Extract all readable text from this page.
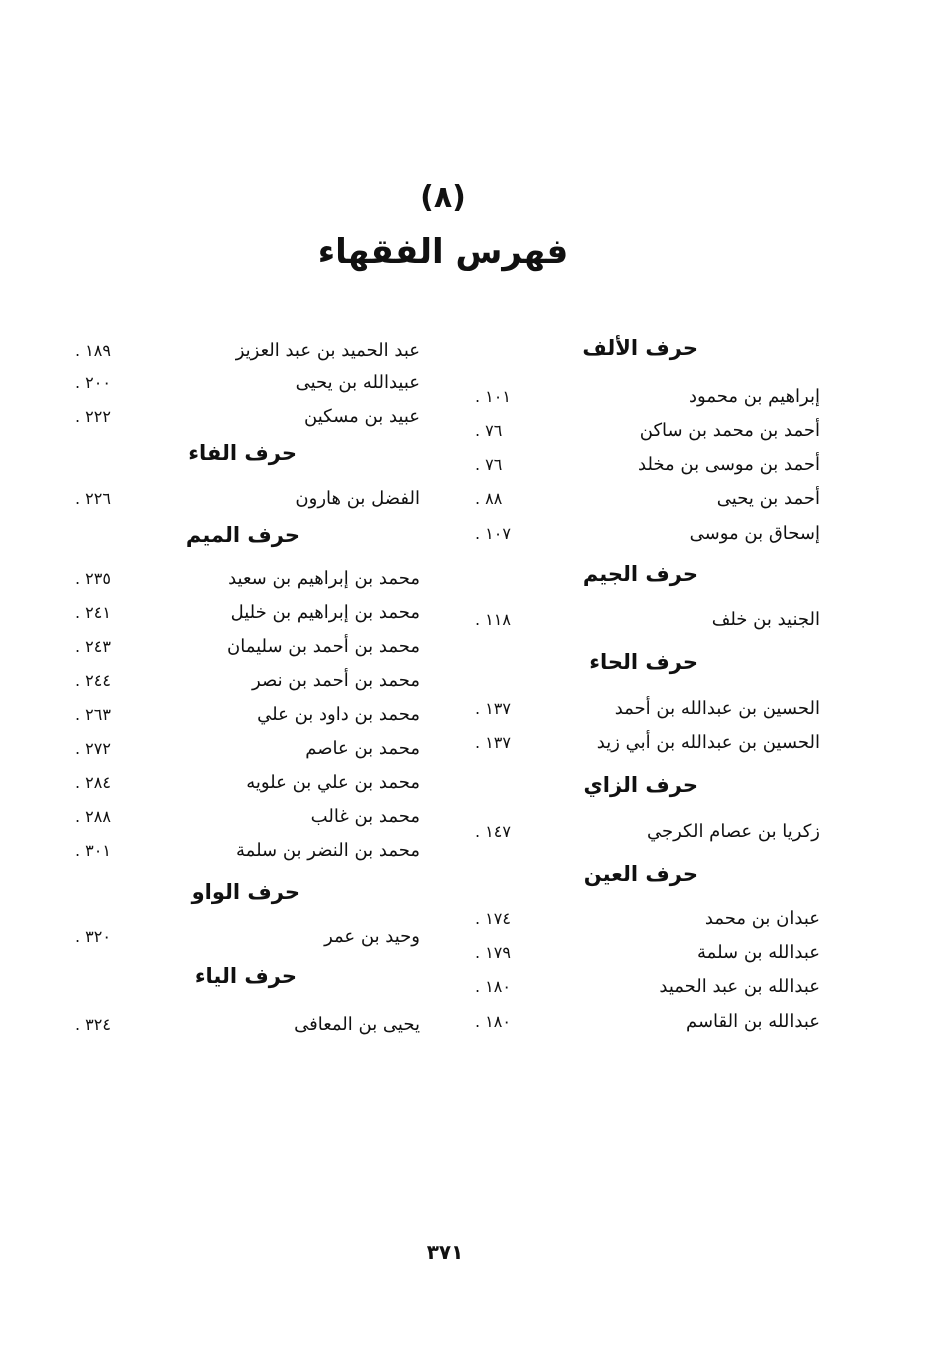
(٨)
فهرس الفقهاء
حرف الألف
إبراهيم بن محمود
١٠١ .
أحمد بن محمد بن ساكن
٧٦ .
أحمد بن موسى بن مخلد
٧٦ .
أحمد بن يحيى
٨٨ .
إسحاق بن موسى
١٠٧ .
حرف الجيم
الجنيد بن خلف
١١٨ .
حرف الحاء
الحسين بن عبدالله بن أحمد
١٣٧ .
الحسين بن عبدالله بن أبي زيد
١٣٧ .
حرف الزاي
زكريا بن عصام الكرجي
١٤٧ .
حرف العين
عبدان بن محمد
١٧٤ .
عبدالله بن سلمة
١٧٩ .
عبدالله بن عبد الحميد
١٨٠ .
عبدالله بن القاسم
١٨٠ .
عبد الحميد بن عبد العزيز
١٨٩ .
عبيدالله بن يحيى
٢٠٠ .
عبيد بن مسكين
٢٢٢ .
حرف الفاء
الفضل بن هارون
٢٢٦ .
حرف الميم
محمد بن إبراهيم بن سعيد
٢٣٥ .
محمد بن إبراهيم بن خليل
٢٤١ .
محمد بن أحمد بن سليمان
٢٤٣ .
محمد بن أحمد بن نصر
٢٤٤ .
محمد بن داود بن علي
٢٦٣ .
محمد بن عاصم
٢٧٢ .
محمد بن علي بن علويه
٢٨٤ .
محمد بن غالب
٢٨٨ .
محمد بن النضر بن سلمة
٣٠١ .
حرف الواو
وحيد بن عمر
٣٢٠ .
حرف الياء
يحيى بن المعافى
٣٢٤ .
٣٧١
